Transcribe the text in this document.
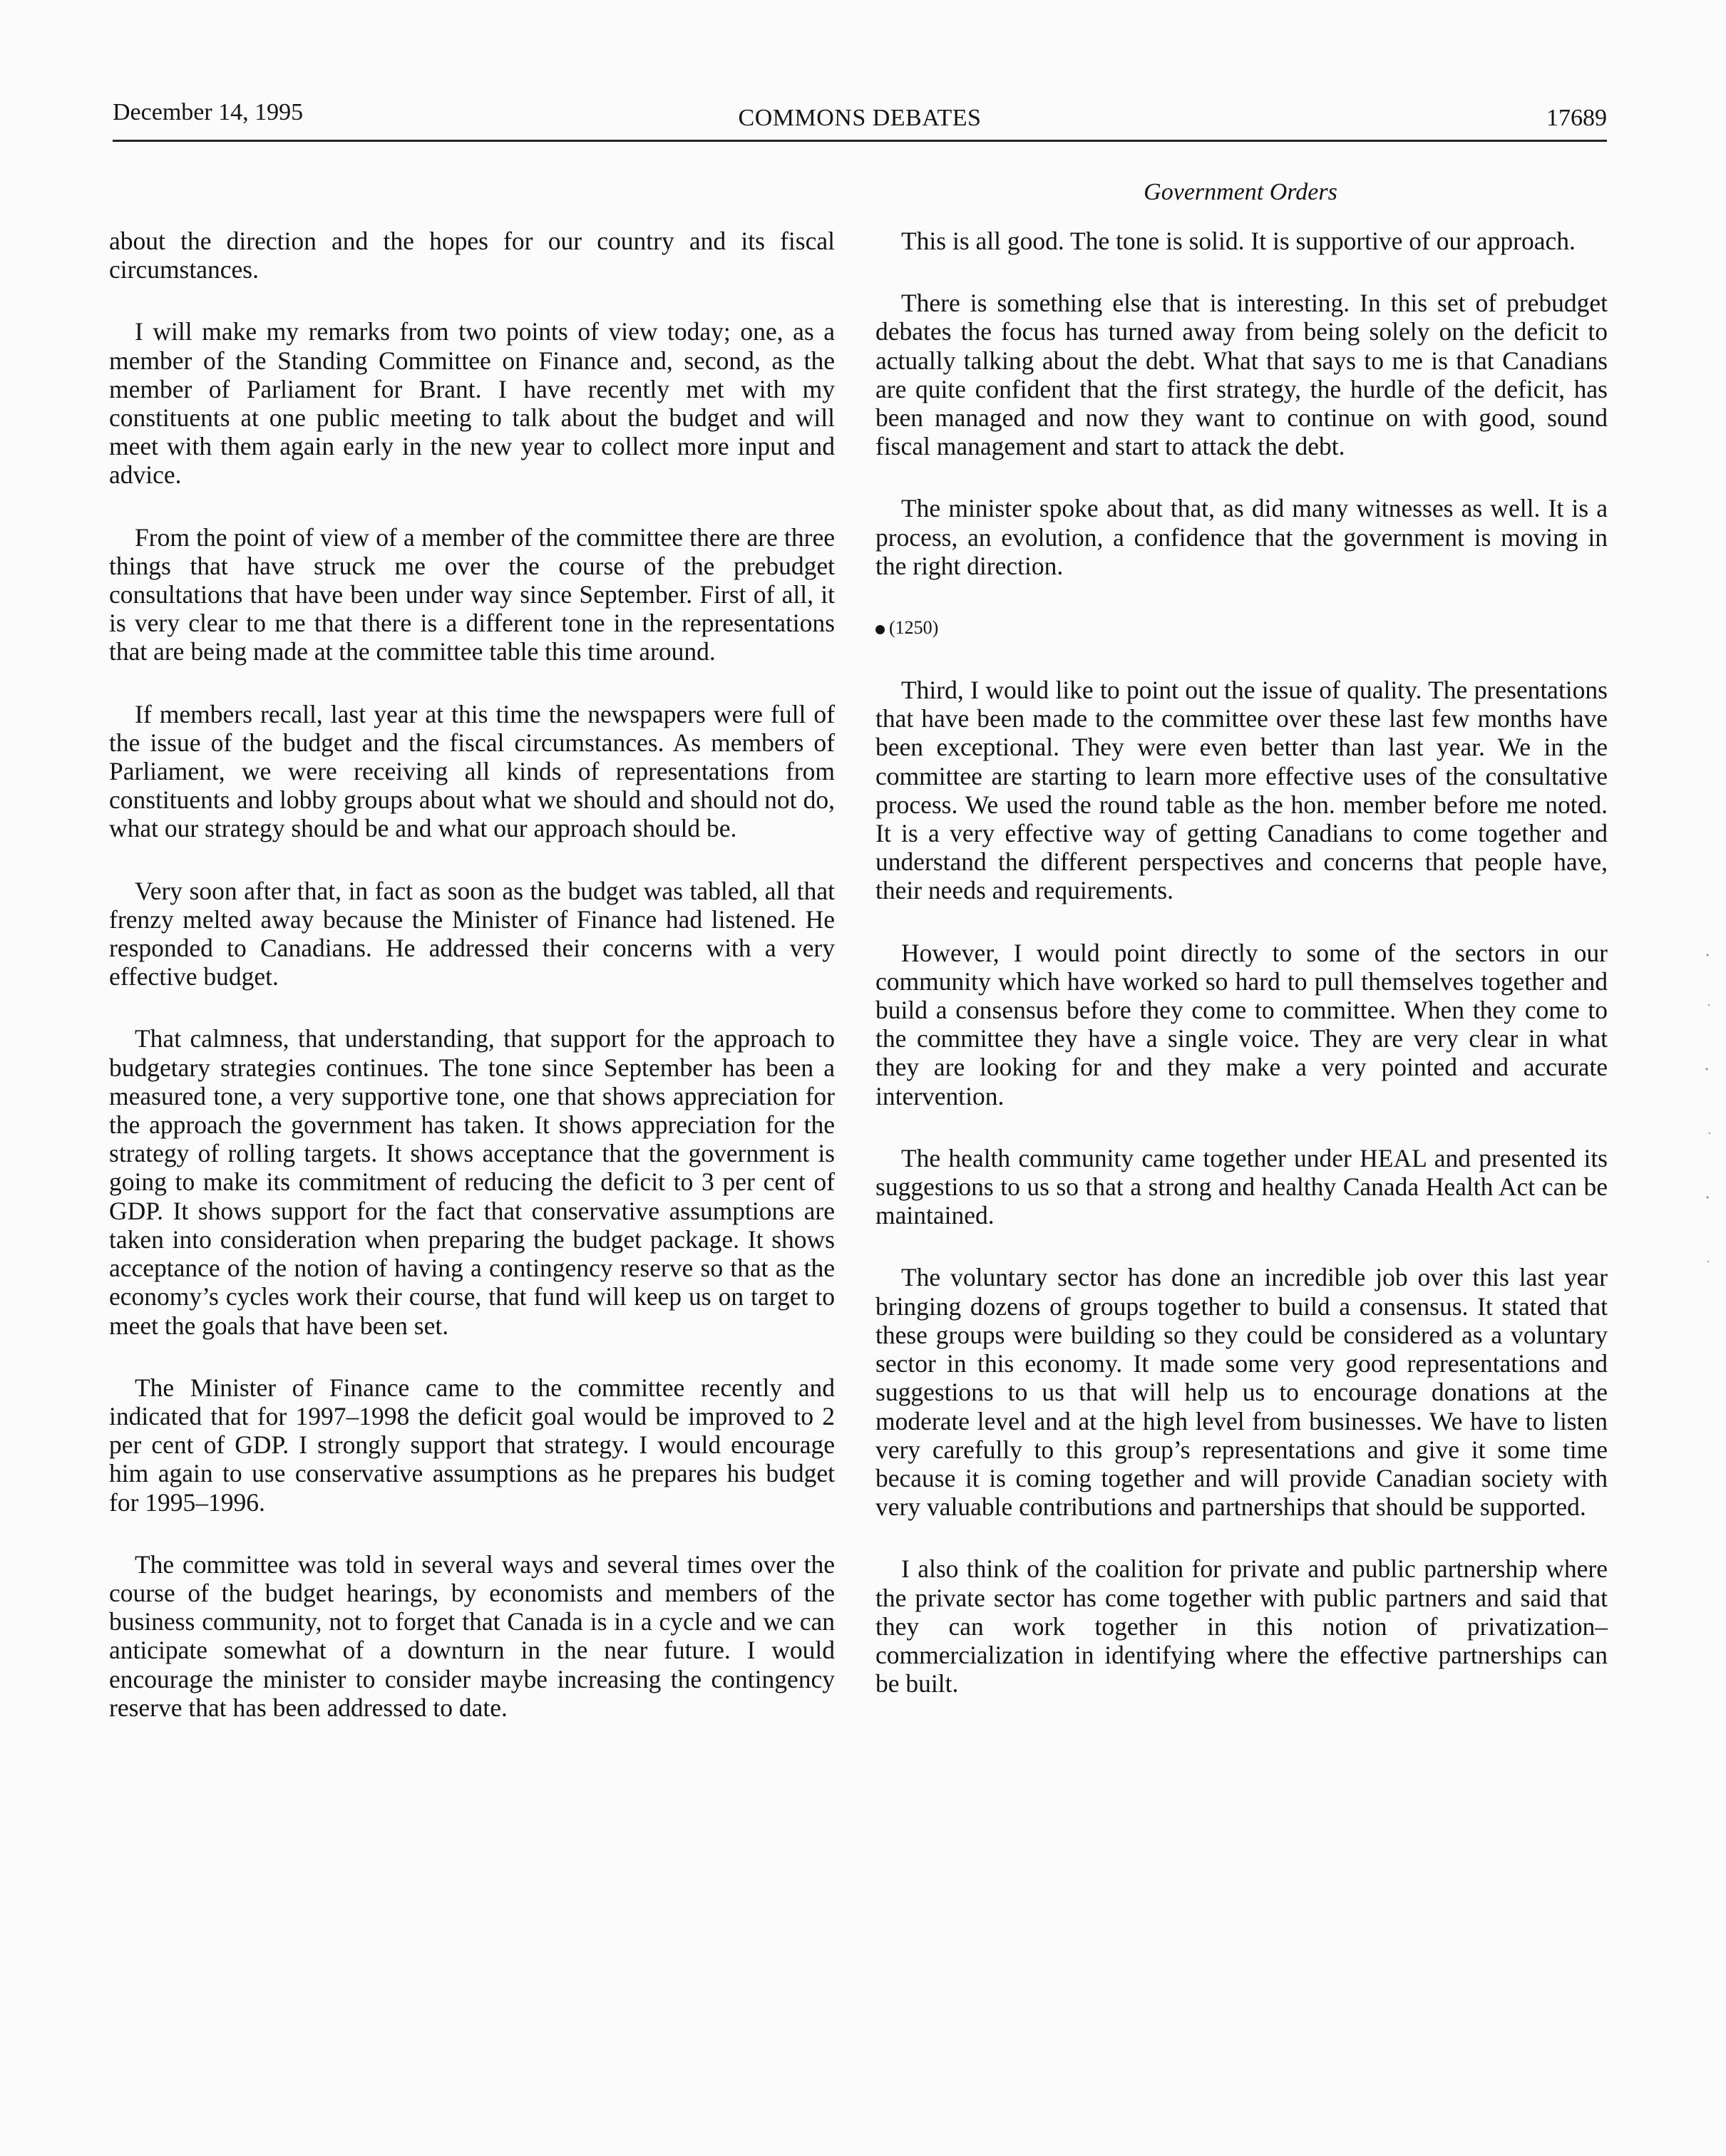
December 14, 1995	COMMONS DEBATES	17689
Government Orders

about the direction and the hopes for our country and its fiscal circumstances.

I will make my remarks from two points of view today; one, as a member of the Standing Committee on Finance and, second, as the member of Parliament for Brant. I have recently met with my constituents at one public meeting to talk about the budget and will meet with them again early in the new year to collect more input and advice.

From the point of view of a member of the committee there are three things that have struck me over the course of the prebudget consultations that have been under way since September. First of all, it is very clear to me that there is a different tone in the representations that are being made at the committee table this time around.

If members recall, last year at this time the newspapers were full of the issue of the budget and the fiscal circumstances. As members of Parliament, we were receiving all kinds of representations from constituents and lobby groups about what we should and should not do, what our strategy should be and what our approach should be.

Very soon after that, in fact as soon as the budget was tabled, all that frenzy melted away because the Minister of Finance had listened. He responded to Canadians. He addressed their concerns with a very effective budget.

That calmness, that understanding, that support for the approach to budgetary strategies continues. The tone since September has been a measured tone, a very supportive tone, one that shows appreciation for the approach the government has taken. It shows appreciation for the strategy of rolling targets. It shows acceptance that the government is going to make its commitment of reducing the deficit to 3 per cent of GDP. It shows support for the fact that conservative assumptions are taken into consideration when preparing the budget package. It shows acceptance of the notion of having a contingency reserve so that as the economy’s cycles work their course, that fund will keep us on target to meet the goals that have been set.

The Minister of Finance came to the committee recently and indicated that for 1997–1998 the deficit goal would be improved to 2 per cent of GDP. I strongly support that strategy. I would encourage him again to use conservative assumptions as he prepares his budget for 1995–1996.

The committee was told in several ways and several times over the course of the budget hearings, by economists and members of the business community, not to forget that Canada is in a cycle and we can anticipate somewhat of a downturn in the near future. I would encourage the minister to consider maybe increasing the contingency reserve that has been addressed to date.

This is all good. The tone is solid. It is supportive of our approach.

There is something else that is interesting. In this set of prebudget debates the focus has turned away from being solely on the deficit to actually talking about the debt. What that says to me is that Canadians are quite confident that the first strategy, the hurdle of the deficit, has been managed and now they want to continue on with good, sound fiscal management and start to attack the debt.

The minister spoke about that, as did many witnesses as well. It is a process, an evolution, a confidence that the government is moving in the right direction.

(1250)

Third, I would like to point out the issue of quality. The presentations that have been made to the committee over these last few months have been exceptional. They were even better than last year. We in the committee are starting to learn more effective uses of the consultative process. We used the round table as the hon. member before me noted. It is a very effective way of getting Canadians to come together and understand the different perspectives and concerns that people have, their needs and requirements.

However, I would point directly to some of the sectors in our community which have worked so hard to pull themselves together and build a consensus before they come to committee. When they come to the committee they have a single voice. They are very clear in what they are looking for and they make a very pointed and accurate intervention.

The health community came together under HEAL and presented its suggestions to us so that a strong and healthy Canada Health Act can be maintained.

The voluntary sector has done an incredible job over this last year bringing dozens of groups together to build a consensus. It stated that these groups were building so they could be considered as a voluntary sector in this economy. It made some very good representations and suggestions to us that will help us to encourage donations at the moderate level and at the high level from businesses. We have to listen very carefully to this group’s representations and give it some time because it is coming together and will provide Canadian society with very valuable contributions and partnerships that should be supported.

I also think of the coalition for private and public partnership where the private sector has come together with public partners and said that they can work together in this notion of privatization–commercialization in identifying where the effective partnerships can be built.
